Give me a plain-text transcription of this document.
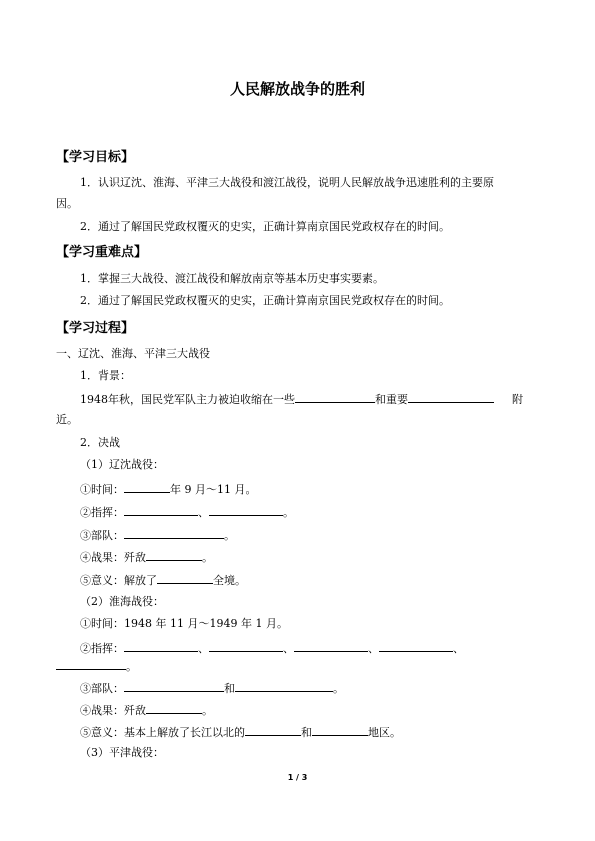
人民解放战争的胜利
【学习目标】
1．认识辽沈、淮海、平津三大战役和渡江战役，说明人民解放战争迅速胜利的主要原
因。
2．通过了解国民党政权覆灭的史实，正确计算南京国民党政权存在的时间。
【学习重难点】
1．掌握三大战役、渡江战役和解放南京等基本历史事实要素。
2．通过了解国民党政权覆灭的史实，正确计算南京国民党政权存在的时间。
【学习过程】
一、辽沈、淮海、平津三大战役
1．背景：
1948年秋，国民党军队主力被迫收缩在一些	和重要	附
近。
2．决战
（1）辽沈战役：
①时间：	年 9 月～11 月。
②指挥：	、	。
③部队：	。
④战果：歼敌	。
⑤意义：解放了	全境。
（2）淮海战役：
①时间：1948 年 11 月～1949 年 1 月。
②指挥：	、	、	、	、
。
③部队：	和	。
④战果：歼敌	。
⑤意义：基本上解放了长江以北的	和	地区。
（3）平津战役：
1 / 3
